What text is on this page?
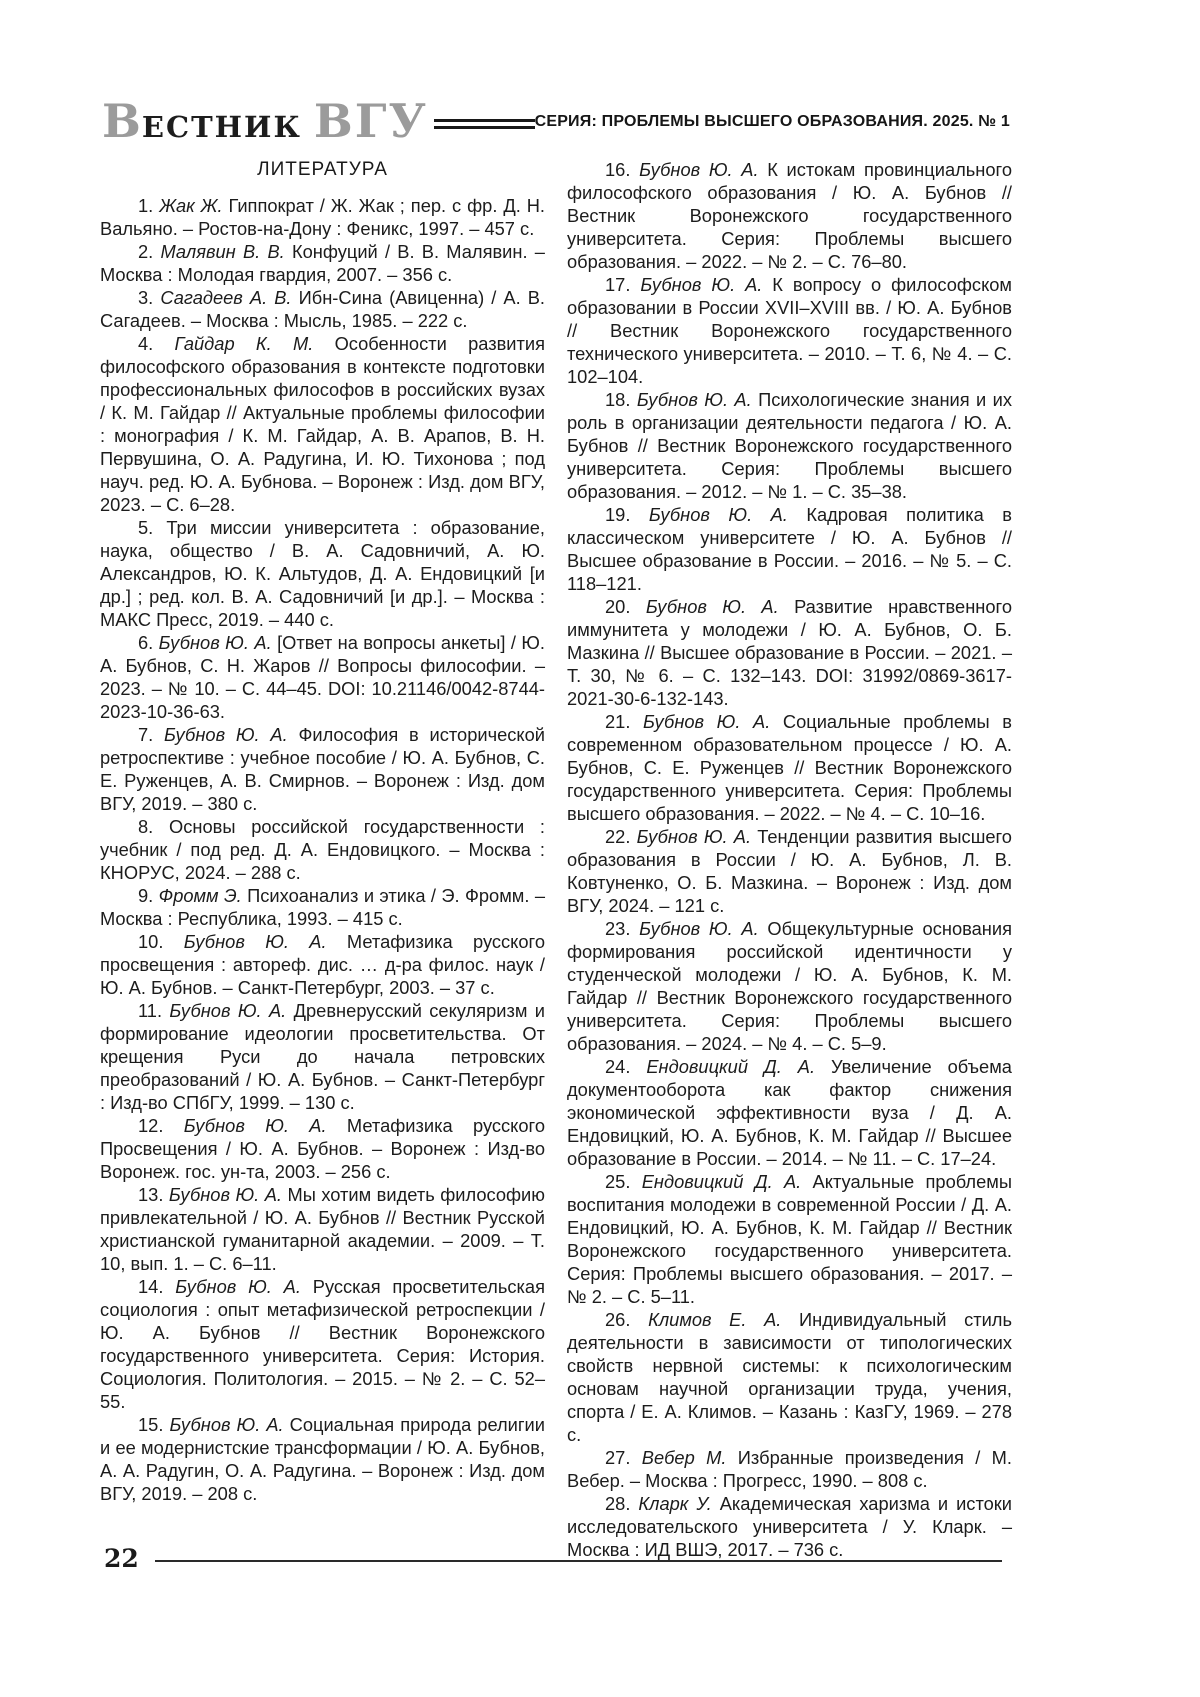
В ЕСТНИК ВГУ	СЕРИЯ: ПРОБЛЕМЫ ВЫСШЕГО ОБРАЗОВАНИЯ. 2025. № 1
ЛИТЕРАТУРА

1. Жак Ж. Гиппократ / Ж. Жак ; пер. с фр. Д. Н. Вальяно. – Ростов-на-Дону : Феникс, 1997. – 457 с.

2. Малявин В. В. Конфуций / В. В. Малявин. – Москва : Молодая гвардия, 2007. – 356 с.

3. Сагадеев А. В. Ибн-Сина (Авиценна) / А. В. Сагадеев. – Москва : Мысль, 1985. – 222 с.

4. Гайдар К. М. Особенности развития философского образования в контексте подготовки профессиональных философов в российских вузах / К. М. Гайдар // Актуальные проблемы философии : монография / К. М. Гайдар, А. В. Арапов, В. Н. Первушина, О. А. Радугина, И. Ю. Тихонова ; под науч. ред. Ю. А. Бубнова. – Воронеж : Изд. дом ВГУ, 2023. – С. 6–28.

5. Три миссии университета : образование, наука, общество / В. А. Садовничий, А. Ю. Александров, Ю. К. Альтудов, Д. А. Ендовицкий [и др.] ; ред. кол. В. А. Садовничий [и др.]. – Москва : МАКС Пресс, 2019. – 440 с.

6. Бубнов Ю. А. [Ответ на вопросы анкеты] / Ю. А. Бубнов, С. Н. Жаров // Вопросы философии. – 2023. – № 10. – С. 44–45. DOI: 10.21146/0042-8744-2023-10-36-63.

7. Бубнов Ю. А. Философия в исторической ретроспективе : учебное пособие / Ю. А. Бубнов, С. Е. Руженцев, А. В. Смирнов. – Воронеж : Изд. дом ВГУ, 2019. – 380 с.

8. Основы российской государственности : учебник / под ред. Д. А. Ендовицкого. – Москва : КНОРУС, 2024. – 288 с.

9. Фромм Э. Психоанализ и этика / Э. Фромм. – Москва : Республика, 1993. – 415 с.

10. Бубнов Ю. А. Метафизика русского просвещения : автореф. дис. … д-ра филос. наук / Ю. А. Бубнов. – Санкт-Петербург, 2003. – 37 с.

11. Бубнов Ю. А. Древнерусский секуляризм и формирование идеологии просветительства. От крещения Руси до начала петровских преобразований / Ю. А. Бубнов. – Санкт-Петербург : Изд-во СПбГУ, 1999. – 130 с.

12. Бубнов Ю. А. Метафизика русского Просвещения / Ю. А. Бубнов. – Воронеж : Изд-во Воронеж. гос. ун-та, 2003. – 256 с.

13. Бубнов Ю. А. Мы хотим видеть философию привлекательной / Ю. А. Бубнов // Вестник Русской христианской гуманитарной академии. – 2009. – Т. 10, вып. 1. – С. 6–11.

14. Бубнов Ю. А. Русская просветительская социология : опыт метафизической ретроспекции / Ю. А. Бубнов // Вестник Воронежского государственного университета. Серия: История. Социология. Политология. – 2015. – № 2. – С. 52–55.

15. Бубнов Ю. А. Социальная природа религии и ее модернистские трансформации / Ю. А. Бубнов, А. А. Радугин, О. А. Радугина. – Воронеж : Изд. дом ВГУ, 2019. – 208 с.

16. Бубнов Ю. А. К истокам провинциального философского образования / Ю. А. Бубнов // Вестник Воронежского государственного университета. Серия: Проблемы высшего образования. – 2022. – № 2. – С. 76–80.

17. Бубнов Ю. А. К вопросу о философском образовании в России XVII–XVIII вв. / Ю. А. Бубнов // Вестник Воронежского государственного технического университета. – 2010. – Т. 6, № 4. – С. 102–104.

18. Бубнов Ю. А. Психологические знания и их роль в организации деятельности педагога / Ю. А. Бубнов // Вестник Воронежского государственного университета. Серия: Проблемы высшего образования. – 2012. – № 1. – С. 35–38.

19. Бубнов Ю. А. Кадровая политика в классическом университете / Ю. А. Бубнов // Высшее образование в России. – 2016. – № 5. – С. 118–121.

20. Бубнов Ю. А. Развитие нравственного иммунитета у молодежи / Ю. А. Бубнов, О. Б. Мазкина // Высшее образование в России. – 2021. – Т. 30, № 6. – С. 132–143. DOI: 31992/0869-3617-2021-30-6-132-143.

21. Бубнов Ю. А. Социальные проблемы в современном образовательном процессе / Ю. А. Бубнов, С. Е. Руженцев // Вестник Воронежского государственного университета. Серия: Проблемы высшего образования. – 2022. – № 4. – С. 10–16.

22. Бубнов Ю. А. Тенденции развития высшего образования в России / Ю. А. Бубнов, Л. В. Ковтуненко, О. Б. Мазкина. – Воронеж : Изд. дом ВГУ, 2024. – 121 с.

23. Бубнов Ю. А. Общекультурные основания формирования российской идентичности у студенческой молодежи / Ю. А. Бубнов, К. М. Гайдар // Вестник Воронежского государственного университета. Серия: Проблемы высшего образования. – 2024. – № 4. – С. 5–9.

24. Ендовицкий Д. А. Увеличение объема документооборота как фактор снижения экономической эффективности вуза / Д. А. Ендовицкий, Ю. А. Бубнов, К. М. Гайдар // Высшее образование в России. – 2014. – № 11. – С. 17–24.

25. Ендовицкий Д. А. Актуальные проблемы воспитания молодежи в современной России / Д. А. Ендовицкий, Ю. А. Бубнов, К. М. Гайдар // Вестник Воронежского государственного университета. Серия: Проблемы высшего образования. – 2017. – № 2. – С. 5–11.

26. Климов Е. А. Индивидуальный стиль деятельности в зависимости от типологических свойств нервной системы: к психологическим основам научной организации труда, учения, спорта / Е. А. Климов. – Казань : КазГУ, 1969. – 278 с.

27. Вебер М. Избранные произведения / М. Вебер. – Москва : Прогресс, 1990. – 808 с.

28. Кларк У. Академическая харизма и истоки исследовательского университета / У. Кларк. – Москва : ИД ВШЭ, 2017. – 736 с.

22
